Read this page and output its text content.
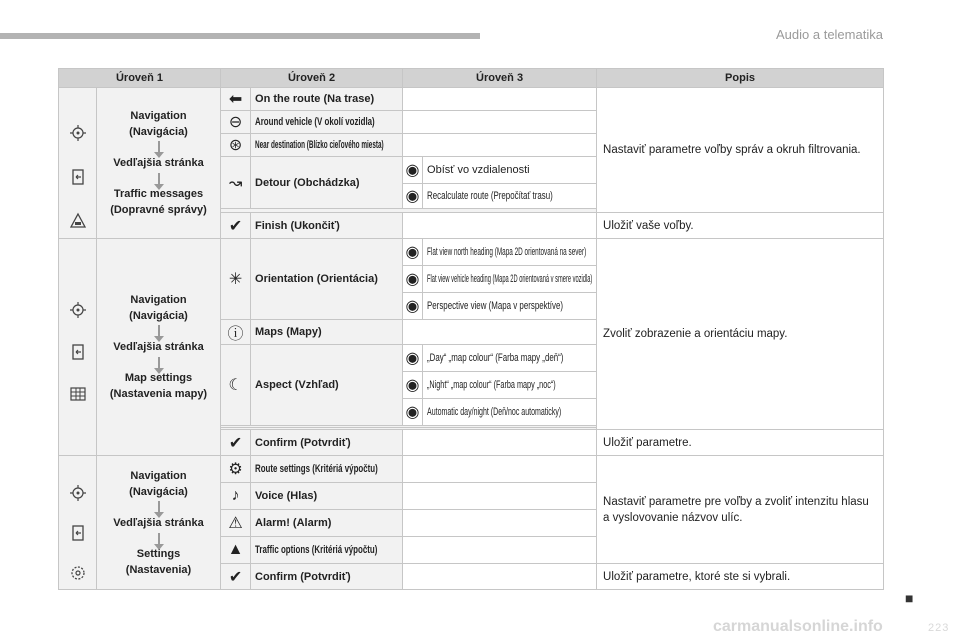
Audio a telematika
carmanualsonline.info
■
223
Úroveň 1		Úroveň 2		Úroveň 3		Popis

Navigation
(Navigácia)
Vedľajšia stránka
Traffic messages
(Dopravné správy)	⬅	On the route (Na trase)			Nastaviť parametre voľby správ a okruh filtrovania.
		⊖	Around vehicle (V okolí vozidla)			
		⊛	Near destination (Blízko cieľového miesta)			
		↝	Detour (Obchádzka)	◉	Obísť vo vzdialenosti	
				◉	Recalculate route (Prepočítať trasu)	

		✔	Finish (Ukončiť)			Uložiť vaše voľby.

Navigation
(Navigácia)
Vedľajšia stránka
Map settings
(Nastavenia mapy)	✳	Orientation (Orientácia)	◉	Flat view north heading (Mapa 2D orientovaná na sever)	Zvoliť zobrazenie a orientáciu mapy.
				◉	Flat view vehicle heading (Mapa 2D orientovaná v smere vozidla)	
				◉	Perspective view (Mapa v perspektíve)	
		ⓘ	Maps (Mapy)			
		☾	Aspect (Vzhľad)	◉	„Day“ „map colour“ (Farba mapy „deň“)	
				◉	„Night“ „map colour“ (Farba mapy „noc“)	
				◉	Automatic day/night (Deň/noc automaticky)	

		✔	Confirm (Potvrdiť)			Uložiť parametre.

Navigation
(Navigácia)
Vedľajšia stránka
Settings
(Nastavenia)	⚙	Route settings (Kritériá výpočtu)			Nastaviť parametre pre voľby a zvoliť intenzitu hlasu a vyslovovanie názvov ulíc.
		♪	Voice (Hlas)			
		⚠	Alarm! (Alarm)			
		▲	Traffic options (Kritériá výpočtu)			
		✔	Confirm (Potvrdiť)			Uložiť parametre, ktoré ste si vybrali.
